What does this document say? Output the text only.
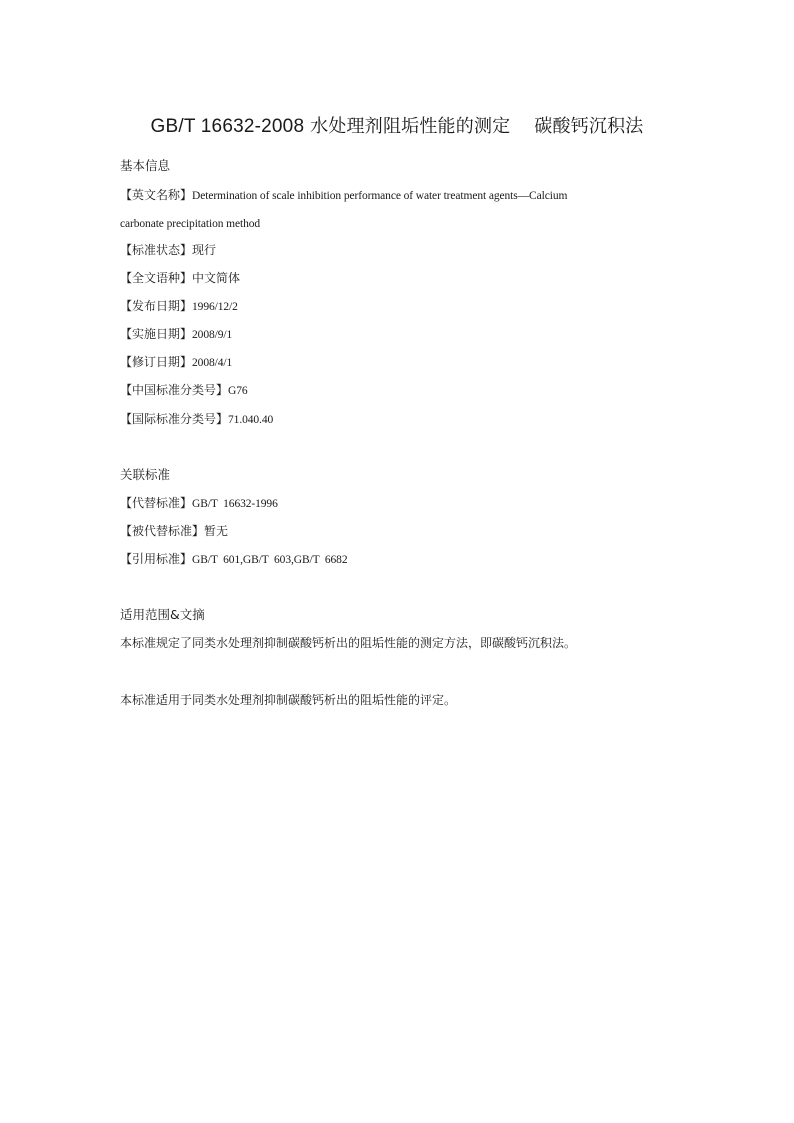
GB/T 16632-2008 水处理剂阻垢性能的测定 碳酸钙沉积法
基本信息
【英文名称】Determination of scale inhibition performance of water treatment agents—Calcium
carbonate precipitation method
【标准状态】现行
【全文语种】中文简体
【发布日期】1996/12/2
【实施日期】2008/9/1
【修订日期】2008/4/1
【中国标准分类号】G76
【国际标准分类号】71.040.40
关联标准
【代替标准】GB/T  16632-1996
【被代替标准】暂无
【引用标准】GB/T  601,GB/T  603,GB/T  6682
适用范围&文摘
本标准规定了同类水处理剂抑制碳酸钙析出的阻垢性能的测定方法，即碳酸钙沉积法。
本标准适用于同类水处理剂抑制碳酸钙析出的阻垢性能的评定。
